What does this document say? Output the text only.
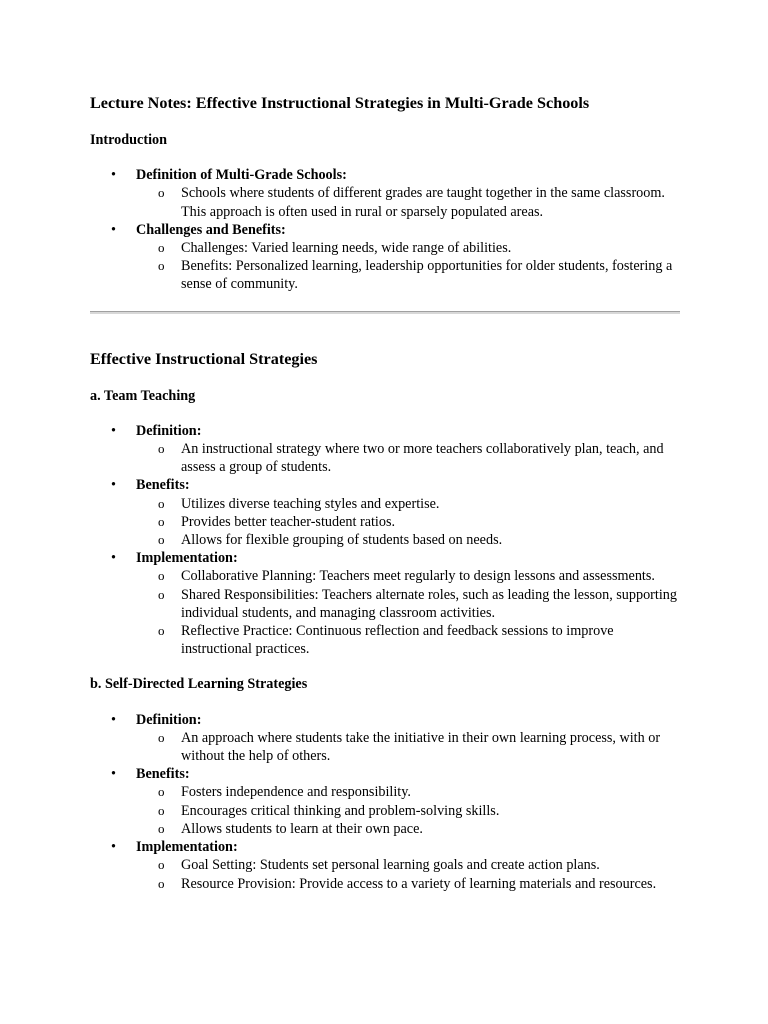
Lecture Notes: Effective Instructional Strategies in Multi-Grade Schools
Introduction
• Definition of Multi-Grade Schools:
o Schools where students of different grades are taught together in the same classroom. This approach is often used in rural or sparsely populated areas.
• Challenges and Benefits:
o Challenges: Varied learning needs, wide range of abilities.
o Benefits: Personalized learning, leadership opportunities for older students, fostering a sense of community.
Effective Instructional Strategies
a. Team Teaching
• Definition:
o An instructional strategy where two or more teachers collaboratively plan, teach, and assess a group of students.
• Benefits:
o Utilizes diverse teaching styles and expertise.
o Provides better teacher-student ratios.
o Allows for flexible grouping of students based on needs.
• Implementation:
o Collaborative Planning: Teachers meet regularly to design lessons and assessments.
o Shared Responsibilities: Teachers alternate roles, such as leading the lesson, supporting individual students, and managing classroom activities.
o Reflective Practice: Continuous reflection and feedback sessions to improve instructional practices.
b. Self-Directed Learning Strategies
• Definition:
o An approach where students take the initiative in their own learning process, with or without the help of others.
• Benefits:
o Fosters independence and responsibility.
o Encourages critical thinking and problem-solving skills.
o Allows students to learn at their own pace.
• Implementation:
o Goal Setting: Students set personal learning goals and create action plans.
o Resource Provision: Provide access to a variety of learning materials and resources.
